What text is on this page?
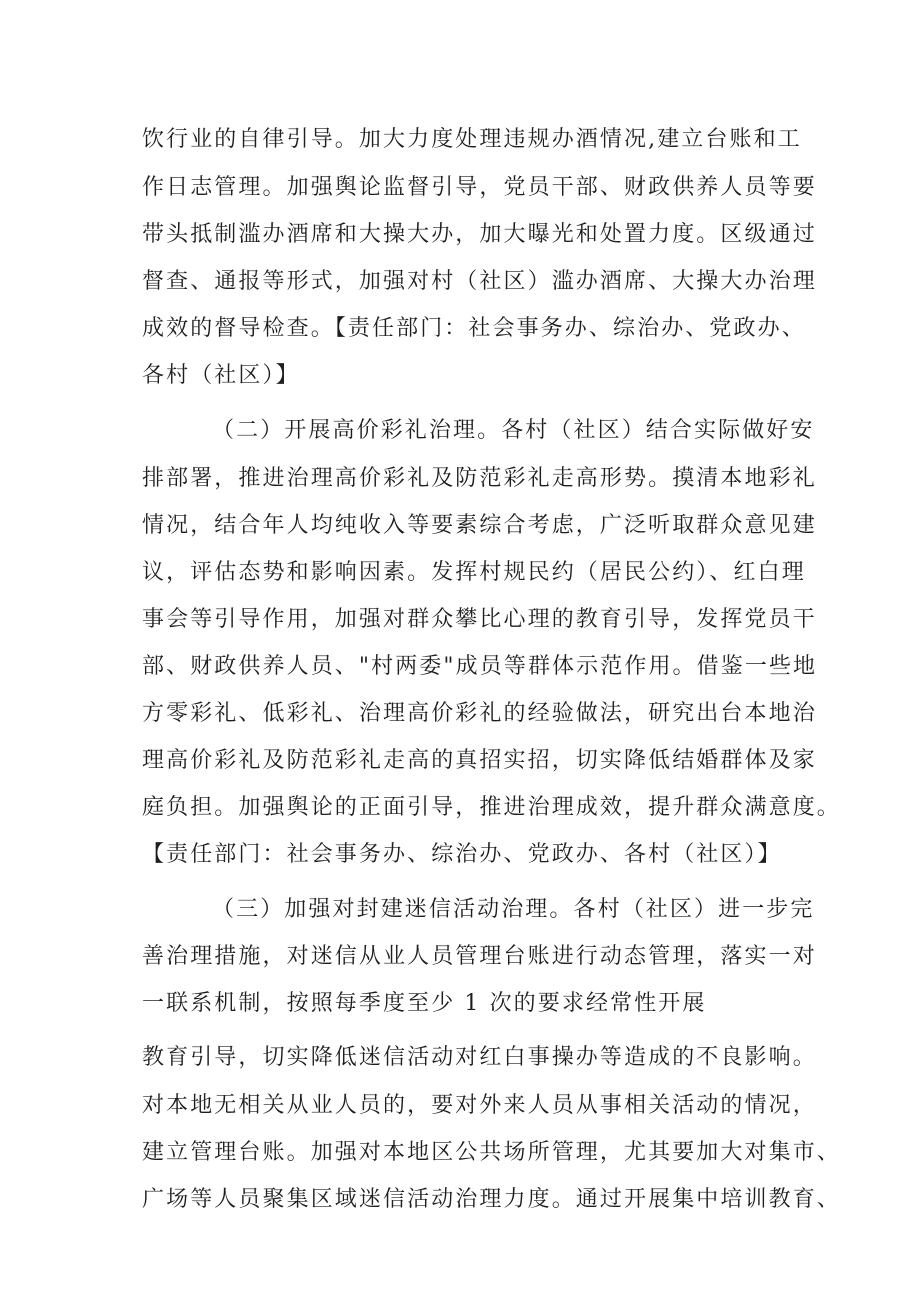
饮行业的自律引导。加大力度处理违规办酒情况,建立台账和工
作日志管理。加强舆论监督引导，党员干部、财政供养人员等要
带头抵制滥办酒席和大操大办，加大曝光和处置力度。区级通过
督查、通报等形式，加强对村（社区）滥办酒席、大操大办治理
成效的督导检查。【责任部门：社会事务办、综治办、党政办、
各村（社区）】
（二）开展高价彩礼治理。各村（社区）结合实际做好安
排部署，推进治理高价彩礼及防范彩礼走高形势。摸清本地彩礼
情况，结合年人均纯收入等要素综合考虑，广泛听取群众意见建
议，评估态势和影响因素。发挥村规民约（居民公约）、红白理
事会等引导作用，加强对群众攀比心理的教育引导，发挥党员干
部、财政供养人员、"村两委"成员等群体示范作用。借鉴一些地
方零彩礼、低彩礼、治理高价彩礼的经验做法，研究出台本地治
理高价彩礼及防范彩礼走高的真招实招，切实降低结婚群体及家
庭负担。加强舆论的正面引导，推进治理成效，提升群众满意度。
【责任部门：社会事务办、综治办、党政办、各村（社区）】
（三）加强对封建迷信活动治理。各村（社区）进一步完
善治理措施，对迷信从业人员管理台账进行动态管理，落实一对
一联系机制，按照每季度至少 1 次的要求经常性开展
教育引导，切实降低迷信活动对红白事操办等造成的不良影响。
对本地无相关从业人员的，要对外来人员从事相关活动的情况，
建立管理台账。加强对本地区公共场所管理，尤其要加大对集市、
广场等人员聚集区域迷信活动治理力度。通过开展集中培训教育、
